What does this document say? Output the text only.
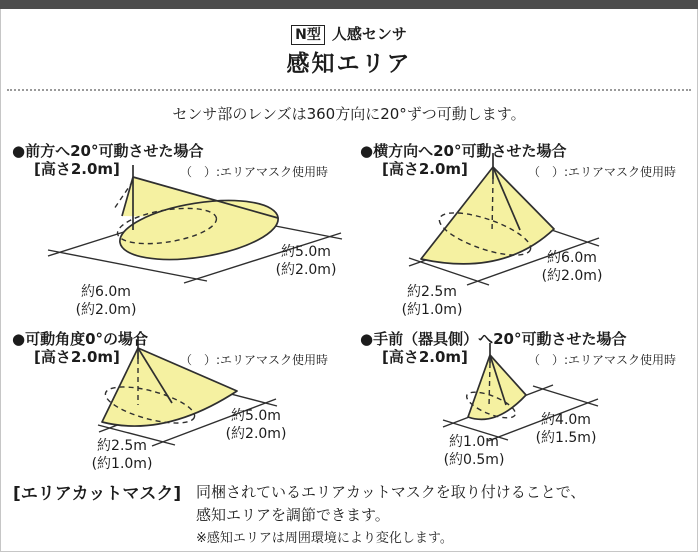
N型 人感センサ
感知エリア
センサ部のレンズは360方向に20°ずつ可動します。
●前方へ20°可動させた場合
[高さ2.0m]	（　）:エリアマスク使用時
約6.0m
(約2.0m)
約5.0m
(約2.0m)
●横方向へ20°可動させた場合
[高さ2.0m]	（　）:エリアマスク使用時
約2.5m
(約1.0m)
約6.0m
(約2.0m)
●可動角度0°の場合
[高さ2.0m]	（　）:エリアマスク使用時
約2.5m
(約1.0m)
約5.0m
(約2.0m)
●手前（器具側）へ20°可動させた場合
[高さ2.0m]	（　）:エリアマスク使用時
約1.0m
(約0.5m)
約4.0m
(約1.5m)
[エリアカットマスク] 同梱されているエリアカットマスクを取り付けることで、
感知エリアを調節できます。
※感知エリアは周囲環境により変化します。
